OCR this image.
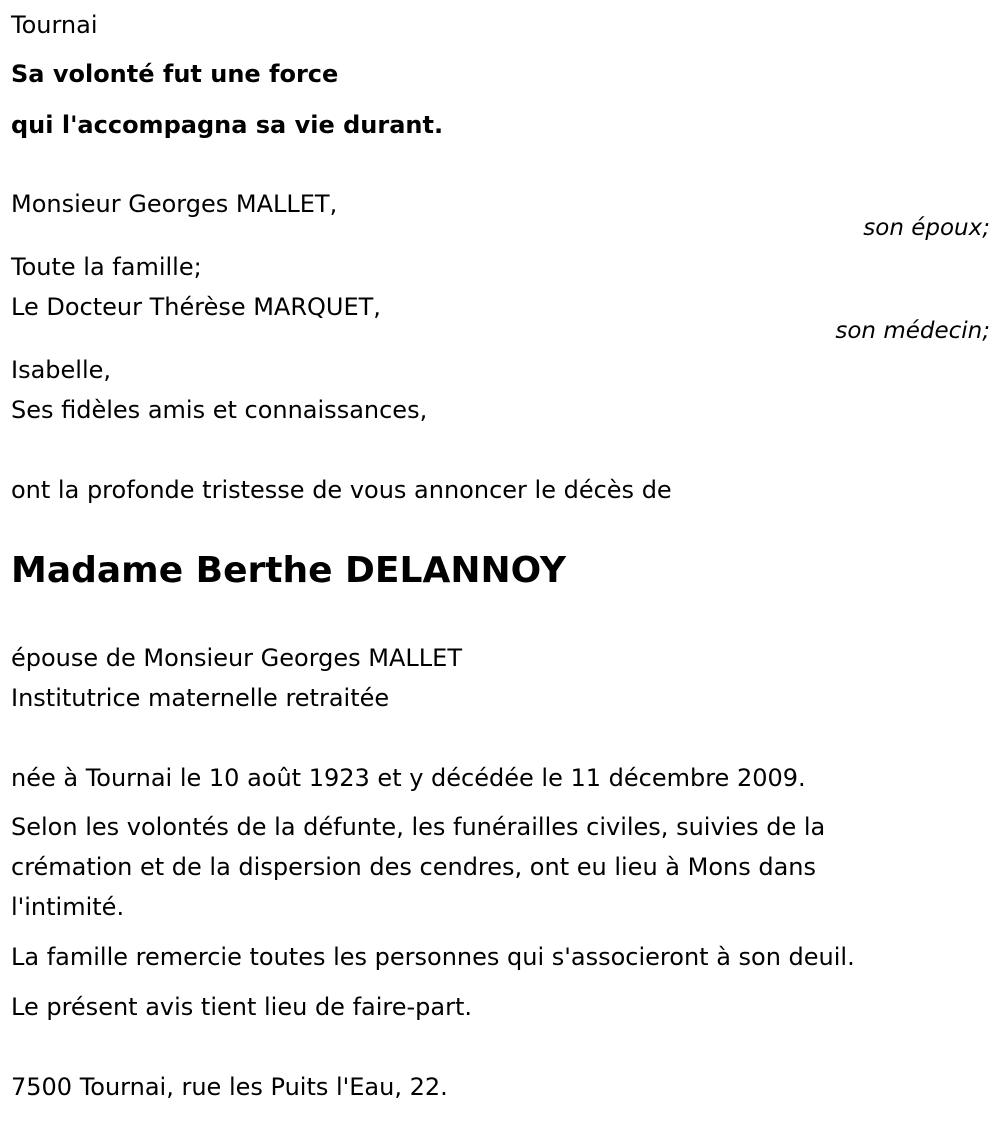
Tournai
Sa volonté fut une force
qui l'accompagna sa vie durant.
Monsieur Georges MALLET,
son époux;
Toute la famille;
Le Docteur Thérèse MARQUET,
son médecin;
Isabelle,
Ses fidèles amis et connaissances,
ont la profonde tristesse de vous annoncer le décès de
Madame Berthe DELANNOY
épouse de Monsieur Georges MALLET
Institutrice maternelle retraitée
née à Tournai le 10 août 1923 et y décédée le 11 décembre 2009.
Selon les volontés de la défunte, les funérailles civiles, suivies de la
crémation et de la dispersion des cendres, ont eu lieu à Mons dans
l'intimité.
La famille remercie toutes les personnes qui s'associeront à son deuil.
Le présent avis tient lieu de faire-part.
7500 Tournai, rue les Puits l'Eau, 22.
